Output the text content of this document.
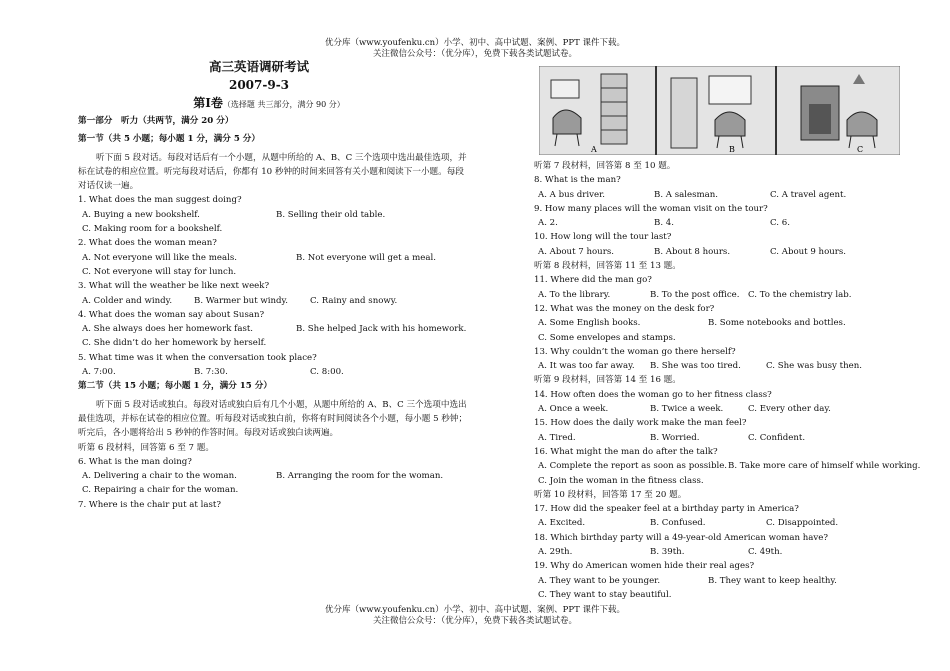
优分库（www.youfenku.cn）小学、初中、高中试题、案例、PPT 课件下载。
关注微信公众号：（优分库），免费下载各类试题试卷。

高三英语调研考试

2007-9-3

第Ⅰ卷（选择题 共三部分，满分 90 分）

第一部分　听力（共两节，满分 20 分）

第一节（共 5 小题；每小题 1 分，满分 5 分）

听下面 5 段对话。每段对话后有一个小题，从题中所给的 A、B、C 三个选项中选出最佳选项，并标在试卷的相应位置。听完每段对话后，你都有 10 秒钟的时间来回答有关小题和阅读下一小题。每段对话仅读一遍。

1. What does the man suggest doing?

A. Buying a new bookshelf.	B. Selling their old table.

C. Making room for a bookshelf.

2. What does the woman mean?

A. Not everyone will like the meals.	B. Not everyone will get a meal.

C. Not everyone will stay for lunch.

3. What will the weather be like next week?

A. Colder and windy.	B. Warmer but windy.	C. Rainy and snowy.

4. What does the woman say about Susan?

A. She always does her homework fast.	B. She helped Jack with his homework.

C. She didn’t do her homework by herself.

5. What time was it when the conversation took place?

A. 7:00.	B. 7:30.	C. 8:00.

第二节（共 15 小题；每小题 1 分，满分 15 分）

听下面 5 段对话或独白。每段对话或独白后有几个小题，从题中所给的 A、B、C 三个选项中选出最佳选项，并标在试卷的相应位置。听每段对话或独白前，你将有时间阅读各个小题，每小题 5 秒钟；听完后，各小题将给出 5 秒钟的作答时间。每段对话或独白读两遍。

听第 6 段材料，回答第 6 至 7 题。

6. What is the man doing?

A. Delivering a chair to the woman.	B. Arranging the room for the woman.

C. Repairing a chair for the woman.

7. Where is the chair put at last?

A	B	C

听第 7 段材料，回答第 8 至 10 题。

8. What is the man?

A. A bus driver.	B. A salesman.	C. A travel agent.

9. How many places will the woman visit on the tour?

A. 2.	B. 4.	C. 6.

10. How long will the tour last?

A. About 7 hours.	B. About 8 hours.	C. About 9 hours.

听第 8 段材料，回答第 11 至 13 题。

11. Where did the man go?

A. To the library.	B. To the post office. C. To the chemistry lab.

12. What was the money on the desk for?

A. Some English books.	B. Some notebooks and bottles.

C. Some envelopes and stamps.

13. Why couldn’t the woman go there herself?

A. It was too far away. B. She was too tired.	C. She was busy then.

听第 9 段材料，回答第 14 至 16 题。

14. How often does the woman go to her fitness class?

A. Once a week.	B. Twice a week.	C. Every other day.

15. How does the daily work make the man feel?

A. Tired.	B. Worried.	C. Confident.

16. What might the man do after the talk?

A. Complete the report as soon as possible.B. Take more care of himself while working.

C. Join the woman in the fitness class.

听第 10 段材料，回答第 17 至 20 题。

17. How did the speaker feel at a birthday party in America?

A. Excited.	B. Confused.	C. Disappointed.

18. Which birthday party will a 49-year-old American woman have?

A. 29th.	B. 39th.	C. 49th.

19. Why do American women hide their real ages?

A. They want to be younger.	B. They want to keep healthy.

C. They want to stay beautiful.

优分库（www.youfenku.cn）小学、初中、高中试题、案例、PPT 课件下载。
关注微信公众号：（优分库），免费下载各类试题试卷。
